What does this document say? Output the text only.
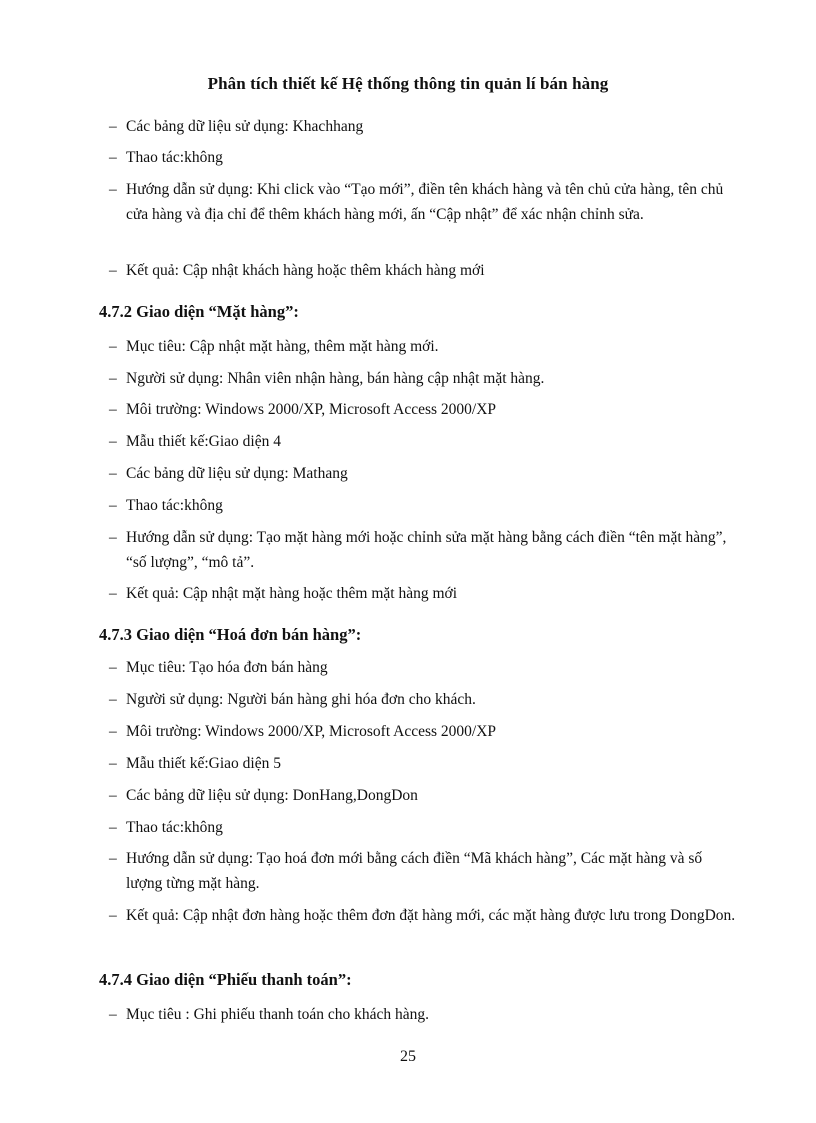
Phân tích thiết kế Hệ thống thông tin quản lí bán hàng
– Các bảng dữ liệu sử dụng: Khachhang
– Thao tác:không
– Hướng dẫn sử dụng: Khi click vào “Tạo mới”, điền tên khách hàng và tên chủ cửa hàng, tên chủ cửa hàng và địa chỉ để thêm khách hàng mới, ấn “Cập nhật” để xác nhận chỉnh sửa.
– Kết quả: Cập nhật khách hàng hoặc thêm khách hàng mới
4.7.2 Giao diện “Mặt hàng”:
– Mục tiêu: Cập nhật mặt hàng, thêm mặt hàng mới.
– Người sử dụng: Nhân viên nhận hàng, bán hàng cập nhật mặt hàng.
– Môi trường: Windows 2000/XP, Microsoft Access 2000/XP
– Mẫu thiết kế:Giao diện 4
– Các bảng dữ liệu sử dụng: Mathang
– Thao tác:không
– Hướng dẫn sử dụng: Tạo mặt hàng mới hoặc chỉnh sửa mặt hàng bằng cách điền “tên mặt hàng”, “số lượng”, “mô tả”.
– Kết quả: Cập nhật mặt hàng hoặc thêm mặt hàng mới
4.7.3 Giao diện “Hoá đơn bán hàng”:
– Mục tiêu: Tạo hóa đơn bán hàng
– Người sử dụng: Người bán hàng ghi hóa đơn cho khách.
– Môi trường: Windows 2000/XP, Microsoft Access 2000/XP
– Mẫu thiết kế:Giao diện 5
– Các bảng dữ liệu sử dụng: DonHang,DongDon
– Thao tác:không
– Hướng dẫn sử dụng: Tạo hoá đơn mới bằng cách điền “Mã khách hàng”, Các mặt hàng và số lượng từng mặt hàng.
– Kết quả: Cập nhật đơn hàng hoặc thêm đơn đặt hàng mới, các mặt hàng được lưu trong DongDon.
4.7.4 Giao diện “Phiếu thanh toán”:
– Mục tiêu : Ghi phiếu thanh toán cho khách hàng.
25
